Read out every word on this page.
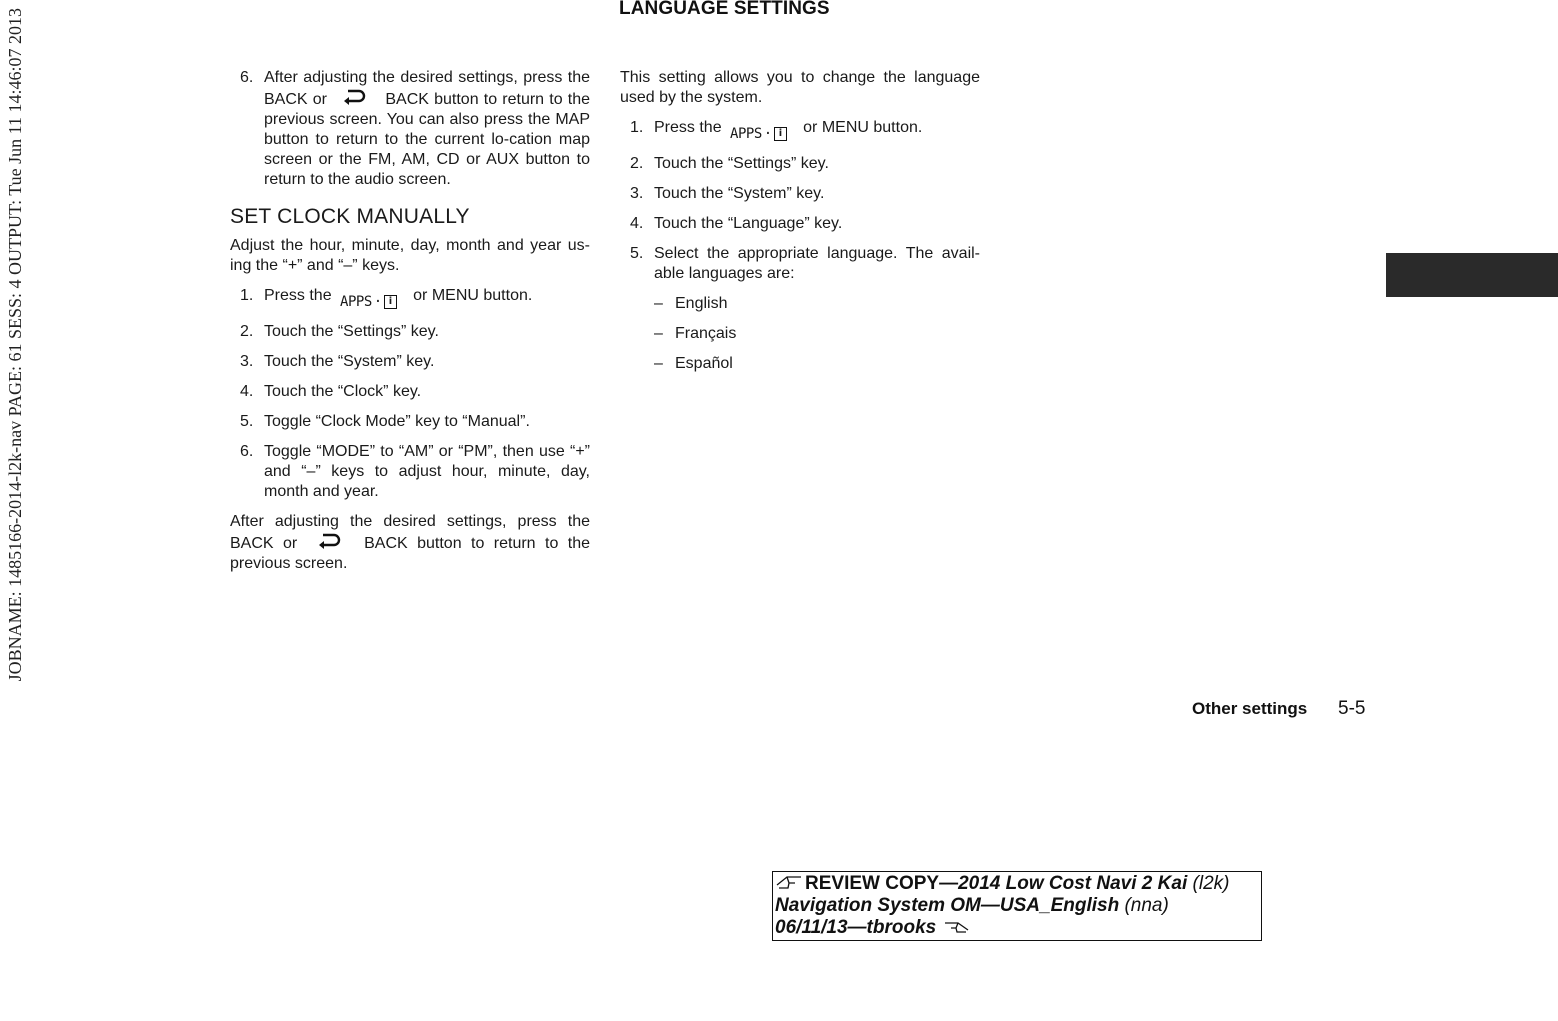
JOBNAME: 1485166-2014-l2k-nav PAGE: 61 SESS: 4 OUTPUT: Tue Jun 11 14:46:07 2013	LANGUAGE SETTINGS
6. After adjusting the desired settings, press the BACK or	BACK button to return to the previous screen. You can also press the MAP button to return to the current lo-cation map screen or the FM, AM, CD or AUX button to return to the audio screen.

SET CLOCK MANUALLY

Adjust the hour, minute, day, month and year us-ing the “+” and “–” keys.

1. Press the APPS · i	or MENU button.

2. Touch the “Settings” key.

3. Touch the “System” key.

4. Touch the “Clock” key.

5. Toggle “Clock Mode” key to “Manual”.

6. Toggle “MODE” to “AM” or “PM”, then use “+” and “–” keys to adjust hour, minute, day, month and year.

After adjusting the desired settings, press the BACK or	BACK button to return to the previous screen.

This setting allows you to change the language used by the system.

1. Press the APPS · i	or MENU button.

2. Touch the “Settings” key.

3. Touch the “System” key.

4. Touch the “Language” key.

5. Select the appropriate language. The avail-able languages are:

– English
– Français
– Español
Other settings 5-5
REVIEW COPY—2014 Low Cost Navi 2 Kai (l2k)
Navigation System OM—USA_English (nna)
06/11/13—tbrooks
